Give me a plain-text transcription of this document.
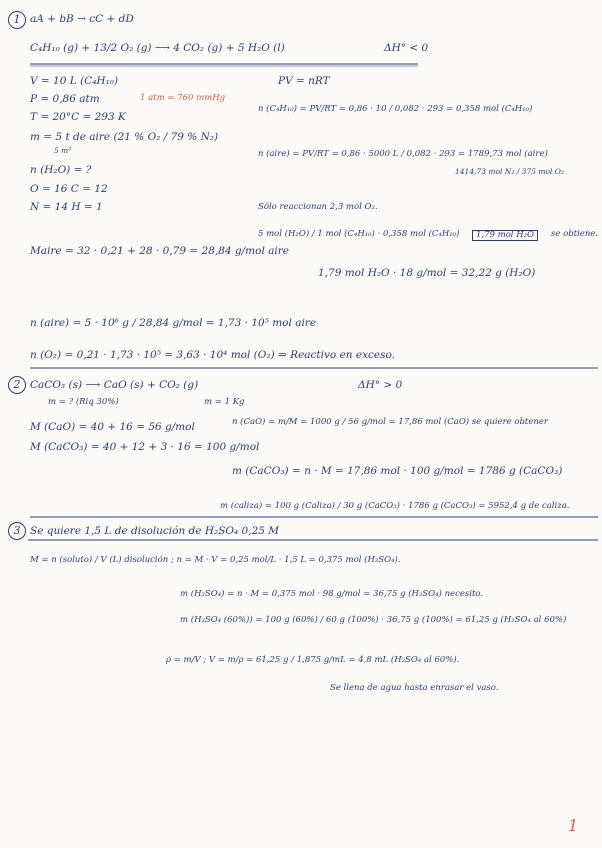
1 aA + bB → cC + dD
C₄H₁₀ (g) + 13/2 O₂ (g) ⟶ 4 CO₂ (g) + 5 H₂O (l)	ΔH° < 0
V = 10 L (C₄H₁₀)
P = 0,86 atm	1 atm = 760 mmHg
T = 20°C = 293 K
m = 5 t de aire (21 % O₂ / 79 % N₂)
5 m³
n (H₂O) = ?
O = 16 C = 12
N = 14 H = 1
PV = nRT
n (C₄H₁₀) = PV/RT = 0,86 · 10 / 0,082 · 293 = 0,358 mol (C₄H₁₀)
n (aire) = PV/RT = 0,86 · 5000 L / 0,082 · 293 = 1789,73 mol (aire)
1414,73 mol N₂ / 375 mol O₂
Sólo reaccionan 2,3 mol O₂.
5 mol (H₂O) / 1 mol (C₄H₁₀) · 0,358 mol (C₄H₁₀)	1,79 mol H₂O	se obtiene.
Maire = 32 · 0,21 + 28 · 0,79 = 28,84 g/mol aire
1,79 mol H₂O · 18 g/mol = 32,22 g (H₂O)
n (aire) = 5 · 10⁶ g / 28,84 g/mol = 1,73 · 10⁵ mol aire
n (O₂) = 0,21 · 1,73 · 10⁵ = 3,63 · 10⁴ mol (O₂) ⇒ Reactivo en exceso.
2 CaCO₃ (s) ⟶ CaO (s) + CO₂ (g)	ΔH° > 0
m = ? (Riq 30%)	m = 1 Kg
M (CaO) = 40 + 16 = 56 g/mol
M (CaCO₃) = 40 + 12 + 3 · 16 = 100 g/mol
n (CaO) = m/M = 1000 g / 56 g/mol = 17,86 mol (CaO) se quiere obtener
m (CaCO₃) = n · M = 17,86 mol · 100 g/mol = 1786 g (CaCO₃)
m (caliza) = 100 g (Caliza) / 30 g (CaCO₃) · 1786 g (CaCO₃) = 5952,4 g de caliza.
3 Se quiere 1,5 L de disolución de H₂SO₄ 0,25 M
M = n (soluto) / V (L) disolución ; n = M · V = 0,25 mol/L · 1,5 L = 0,375 mol (H₂SO₄).
m (H₂SO₄) = n · M = 0,375 mol · 98 g/mol = 36,75 g (H₂SO₄) necesito.
m (H₂SO₄ (60%)) = 100 g (60%) / 60 g (100%) · 36,75 g (100%) = 61,25 g (H₂SO₄ al 60%)
ρ = m/V ; V = m/ρ = 61,25 g / 1,875 g/mL = 4,8 mL (H₂SO₄ al 60%).
Se llena de agua hasta enrasar el vaso.
1
